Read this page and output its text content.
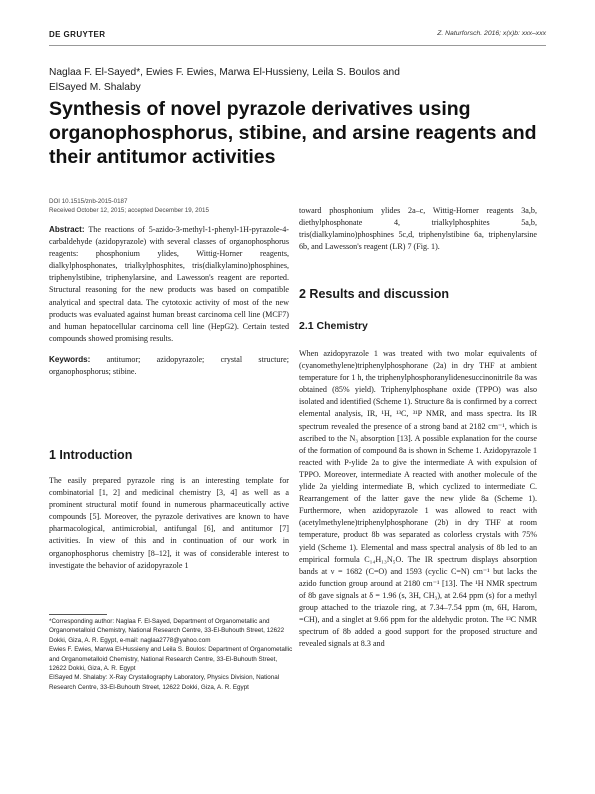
DE GRUYTER	Z. Naturforsch. 2016; x(x)b: xxx–xxx
Naglaa F. El-Sayed*, Ewies F. Ewies, Marwa El-Hussieny, Leila S. Boulos and
ElSayed M. Shalaby
Synthesis of novel pyrazole derivatives using organophosphorus, stibine, and arsine reagents and their antitumor activities
DOI 10.1515/znb-2015-0187
Received October 12, 2015; accepted December 19, 2015

Abstract: The reactions of 5-azido-3-methyl-1-phenyl-1H-pyrazole-4-carbaldehyde (azidopyrazole) with several classes of organophosphorus reagents: phosphonium ylides, Wittig-Horner reagents, dialkylphosphonates, trialkylphosphites, tris(dialkylamino)phosphines, triphenylstibine, triphenylarsine, and Lawesson's reagent are reported. Structural reasoning for the new products was based on compatible analytical and spectral data. The cytotoxic activity of most of the new products was evaluated against human breast carcinoma cell line (MCF7) and human hepatocellular carcinoma cell line (HepG2). Certain tested compounds showed promising results.

Keywords: antitumor; azidopyrazole; crystal structure; organophosphorus; stibine.

1 Introduction

The easily prepared pyrazole ring is an interesting template for combinatorial [1, 2] and medicinal chemistry [3, 4] as well as a prominent structural motif found in numerous pharmaceutically active compounds [5]. Moreover, the pyrazole derivatives are known to have pharmacological, antimicrobial, antifungal [6], and antitumor [7] activities. In view of this and in continuation of our work in organophosphorus chemistry [8–12], it was of considerable interest to investigate the behavior of azidopyrazole 1

*Corresponding author: Naglaa F. El-Sayed, Department of Organometallic and Organometalloid Chemistry, National Research Centre, 33-El-Buhouth Street, 12622 Dokki, Giza, A. R. Egypt, e-mail: naglaa2778@yahoo.com

Ewies F. Ewies, Marwa El-Hussieny and Leila S. Boulos: Department of Organometallic and Organometalloid Chemistry, National Research Centre, 33-El-Buhouth Street, 12622 Dokki, Giza, A. R. Egypt

ElSayed M. Shalaby: X-Ray Crystallography Laboratory, Physics Division, National Research Centre, 33-El-Buhouth Street, 12622 Dokki, Giza, A. R. Egypt

toward phosphonium ylides 2a–c, Wittig-Horner reagents 3a,b, diethylphosphonate 4, trialkylphosphites 5a,b, tris(dialkylamino)phosphines 5c,d, triphenylstibine 6a, triphenylarsine 6b, and Lawesson's reagent (LR) 7 (Fig. 1).

2 Results and discussion
2.1 Chemistry

When azidopyrazole 1 was treated with two molar equivalents of (cyanomethylene)triphenylphosphorane (2a) in dry THF at ambient temperature for 1 h, the triphenylphosphoranylidenesuccinonitrile 8a was obtained (85% yield). Triphenylphosphane oxide (TPPO) was also isolated and identified (Scheme 1). Structure 8a is confirmed by a correct elemental analysis, IR, ¹H, ¹³C, ³¹P NMR, and mass spectra. Its IR spectrum revealed the presence of a strong band at 2182 cm⁻¹, which is ascribed to the N₃ absorption [13]. A possible explanation for the course of the formation of compound 8a is shown in Scheme 1. Azidopyrazole 1 reacted with P-ylide 2a to give the intermediate A with expulsion of TPPO. Moreover, intermediate A reacted with another molecule of the ylide 2a yielding intermediate B, which cyclized to intermediate C. Rearrangement of the latter gave the new ylide 8a (Scheme 1). Furthermore, when azidopyrazole 1 was allowed to react with (acetylmethylene)triphenylphosphorane (2b) in dry THF at room temperature, product 8b was separated as colorless crystals with 75% yield (Scheme 1). Elemental and mass spectral analysis of 8b led to an empirical formula C₁₄H₁₃N₅O. The IR spectrum displays absorption bands at ν = 1682 (C=O) and 1593 (cyclic C=N) cm⁻¹ but lacks the azido function group around at 2180 cm⁻¹ [13]. The ¹H NMR spectrum of 8b gave signals at δ = 1.96 (s, 3H, CH₃), at 2.64 ppm (s) for a methyl group attached to the triazole ring, at 7.34–7.54 ppm (m, 6H, Harom, =CH), and a singlet at 9.66 ppm for the aldehydic proton. The ¹³C NMR spectrum of 8b added a good support for the proposed structure and revealed signals at 8.3 and
